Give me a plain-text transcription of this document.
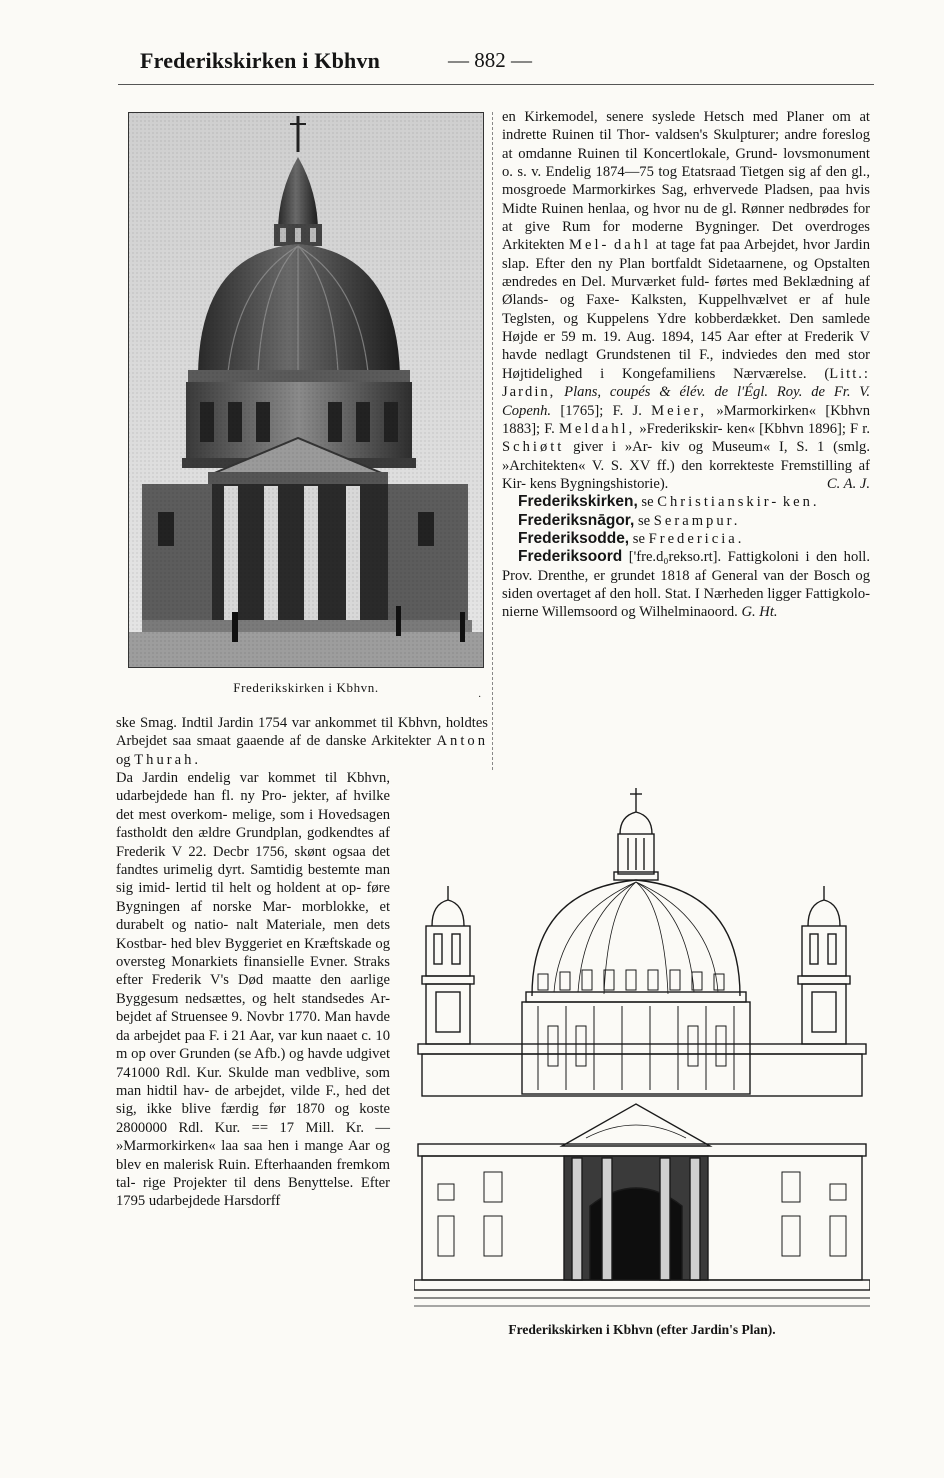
Frederikskirken i Kbhvn	— 882 —
Frederikskirken i Kbhvn.
·

en Kirkemodel, senere syslede Hetsch med Planer om at indrette Ruinen til Thor- valdsen's Skulpturer; andre foreslog at omdanne Ruinen til Koncertlokale, Grund- lovsmonument o. s. v. Endelig 1874—75 tog Etatsraad Tietgen sig af den gl., mosgroede Marmorkirkes Sag, erhvervede Pladsen, paa hvis Midte Ruinen henlaa, og hvor nu de gl. Rønner nedbrødes for at give Rum for moderne Bygninger. Det overdroges Arkitekten Mel- dahl at tage fat paa Arbejdet, hvor Jardin slap. Efter den ny Plan bortfaldt Sidetaarnene, og Opstalten ændredes en Del. Murværket fuld- førtes med Beklædning af Ølands- og Faxe- Kalksten, Kuppelhvælvet er af hule Teglsten, og Kuppelens Ydre kobberdækket. Den samlede Højde er 59 m. 19. Aug. 1894, 145 Aar efter at Frederik V havde nedlagt Grundstenen til F., indviedes den med stor Højtidelighed i Kongefamiliens Nærværelse. (Litt.: Jardin, Plans, coupés & élév. de l'Égl. Roy. de Fr. V. Copenh. [1765]; F. J. Meier, »Marmorkirken« [Kbhvn 1883]; F. Meldahl, »Frederikskir- ken« [Kbhvn 1896]; F r. Schiøtt giver i »Ar- kiv og Museum« I, S. 1 (smlg. »Architekten« V. S. XV ff.) den korrekteste Fremstilling af Kir- kens Bygningshistorie).	C. A. J.

Frederikskirken, se Christianskir- ken.

Frederiksnāgor, se Serampur.

Frederiksodde, se Fredericia.

Frederiksoord ['fre.d₀rekso.rt]. Fattigkoloni i den holl. Prov. Drenthe, er grundet 1818 af General van der Bosch og siden overtaget af den holl. Stat. I Nærheden ligger Fattigkolo- nierne Willemsoord og Wilhelminaoord. G. Ht.

ske Smag. Indtil Jardin 1754 var ankommet til Kbhvn, holdtes Arbejdet saa smaat gaaende af de danske Arkitekter Anton og Thurah.

Da Jardin endelig var kommet til Kbhvn, udarbejdede han fl. ny Pro- jekter, af hvilke det mest overkom- melige, som i Hovedsagen fastholdt den ældre Grundplan, godkendtes af Frederik V 22. Decbr 1756, skønt ogsaa det fandtes urimelig dyrt. Samtidig bestemte man sig imid- lertid til helt og holdent at op- føre Bygningen af norske Mar- morblokke, et durabelt og natio- nalt Materiale, men dets Kostbar- hed blev Byggeriet en Kræftskade og oversteg Monarkiets finansielle Evner. Straks efter Frederik V's Død maatte den aarlige Byggesum nedsættes, og helt standsedes Ar- bejdet af Struensee 9. Novbr 1770. Man havde da arbejdet paa F. i 21 Aar, var kun naaet c. 10 m op over Grunden (se Afb.) og havde udgivet 741000 Rdl. Kur. Skulde man vedblive, som man hidtil hav- de arbejdet, vilde F., hed det sig, ikke blive færdig før 1870 og koste 2800000 Rdl. Kur. == 17 Mill. Kr. — »Marmorkirken« laa saa hen i mange Aar og blev en malerisk Ruin. Efterhaanden fremkom tal- rige Projekter til dens Benyttelse. Efter 1795 udarbejdede Harsdorff

Frederikskirken i Kbhvn (efter Jardin's Plan).
